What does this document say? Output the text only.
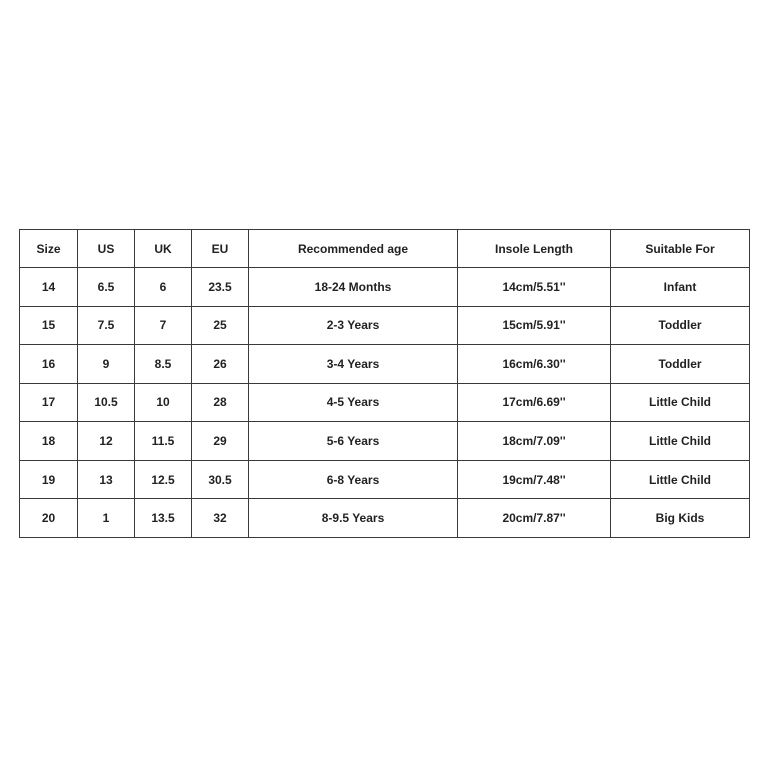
Size	US	UK	EU	Recommended age	Insole Length	Suitable For
14	6.5	6	23.5	18-24 Months	14cm/5.51''	Infant
15	7.5	7	25	2-3 Years	15cm/5.91''	Toddler
16	9	8.5	26	3-4 Years	16cm/6.30''	Toddler
17	10.5	10	28	4-5 Years	17cm/6.69''	Little Child
18	12	11.5	29	5-6 Years	18cm/7.09''	Little Child
19	13	12.5	30.5	6-8 Years	19cm/7.48''	Little Child
20	1	13.5	32	8-9.5 Years	20cm/7.87''	Big Kids
